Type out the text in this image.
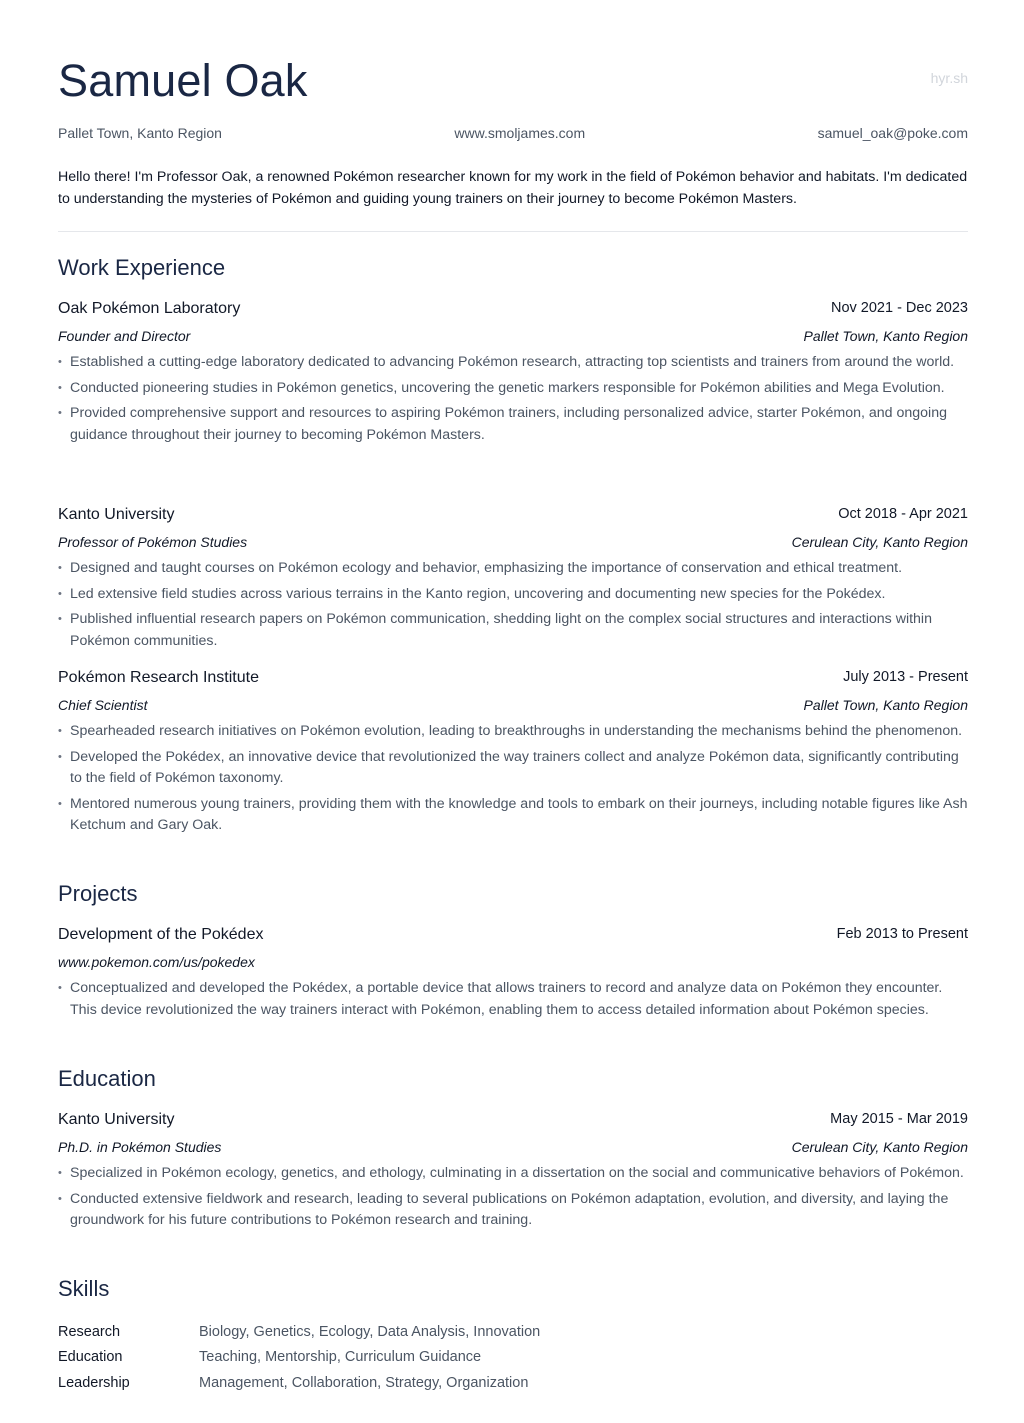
Samuel Oak	hyr.sh
Pallet Town, Kanto Region	www.smoljames.com	samuel_oak@poke.com
Hello there! I'm Professor Oak, a renowned Pokémon researcher known for my work in the field of Pokémon behavior and habitats. I'm dedicated to understanding the mysteries of Pokémon and guiding young trainers on their journey to become Pokémon Masters.
Work Experience
Oak Pokémon Laboratory	Nov 2021 - Dec 2023
Founder and Director	Pallet Town, Kanto Region
• Established a cutting-edge laboratory dedicated to advancing Pokémon research, attracting top scientists and trainers from around the world.
• Conducted pioneering studies in Pokémon genetics, uncovering the genetic markers responsible for Pokémon abilities and Mega Evolution.
• Provided comprehensive support and resources to aspiring Pokémon trainers, including personalized advice, starter Pokémon, and ongoing guidance throughout their journey to becoming Pokémon Masters.
Kanto University	Oct 2018 - Apr 2021
Professor of Pokémon Studies	Cerulean City, Kanto Region
• Designed and taught courses on Pokémon ecology and behavior, emphasizing the importance of conservation and ethical treatment.
• Led extensive field studies across various terrains in the Kanto region, uncovering and documenting new species for the Pokédex.
• Published influential research papers on Pokémon communication, shedding light on the complex social structures and interactions within Pokémon communities.
Pokémon Research Institute	July 2013 - Present
Chief Scientist	Pallet Town, Kanto Region
• Spearheaded research initiatives on Pokémon evolution, leading to breakthroughs in understanding the mechanisms behind the phenomenon.
• Developed the Pokédex, an innovative device that revolutionized the way trainers collect and analyze Pokémon data, significantly contributing to the field of Pokémon taxonomy.
• Mentored numerous young trainers, providing them with the knowledge and tools to embark on their journeys, including notable figures like Ash Ketchum and Gary Oak.
Projects
Development of the Pokédex	Feb 2013 to Present
www.pokemon.com/us/pokedex
• Conceptualized and developed the Pokédex, a portable device that allows trainers to record and analyze data on Pokémon they encounter. This device revolutionized the way trainers interact with Pokémon, enabling them to access detailed information about Pokémon species.
Education
Kanto University	May 2015 - Mar 2019
Ph.D. in Pokémon Studies	Cerulean City, Kanto Region
• Specialized in Pokémon ecology, genetics, and ethology, culminating in a dissertation on the social and communicative behaviors of Pokémon.
• Conducted extensive fieldwork and research, leading to several publications on Pokémon adaptation, evolution, and diversity, and laying the groundwork for his future contributions to Pokémon research and training.
Skills
Research	Biology, Genetics, Ecology, Data Analysis, Innovation
Education	Teaching, Mentorship, Curriculum Guidance
Leadership	Management, Collaboration, Strategy, Organization
